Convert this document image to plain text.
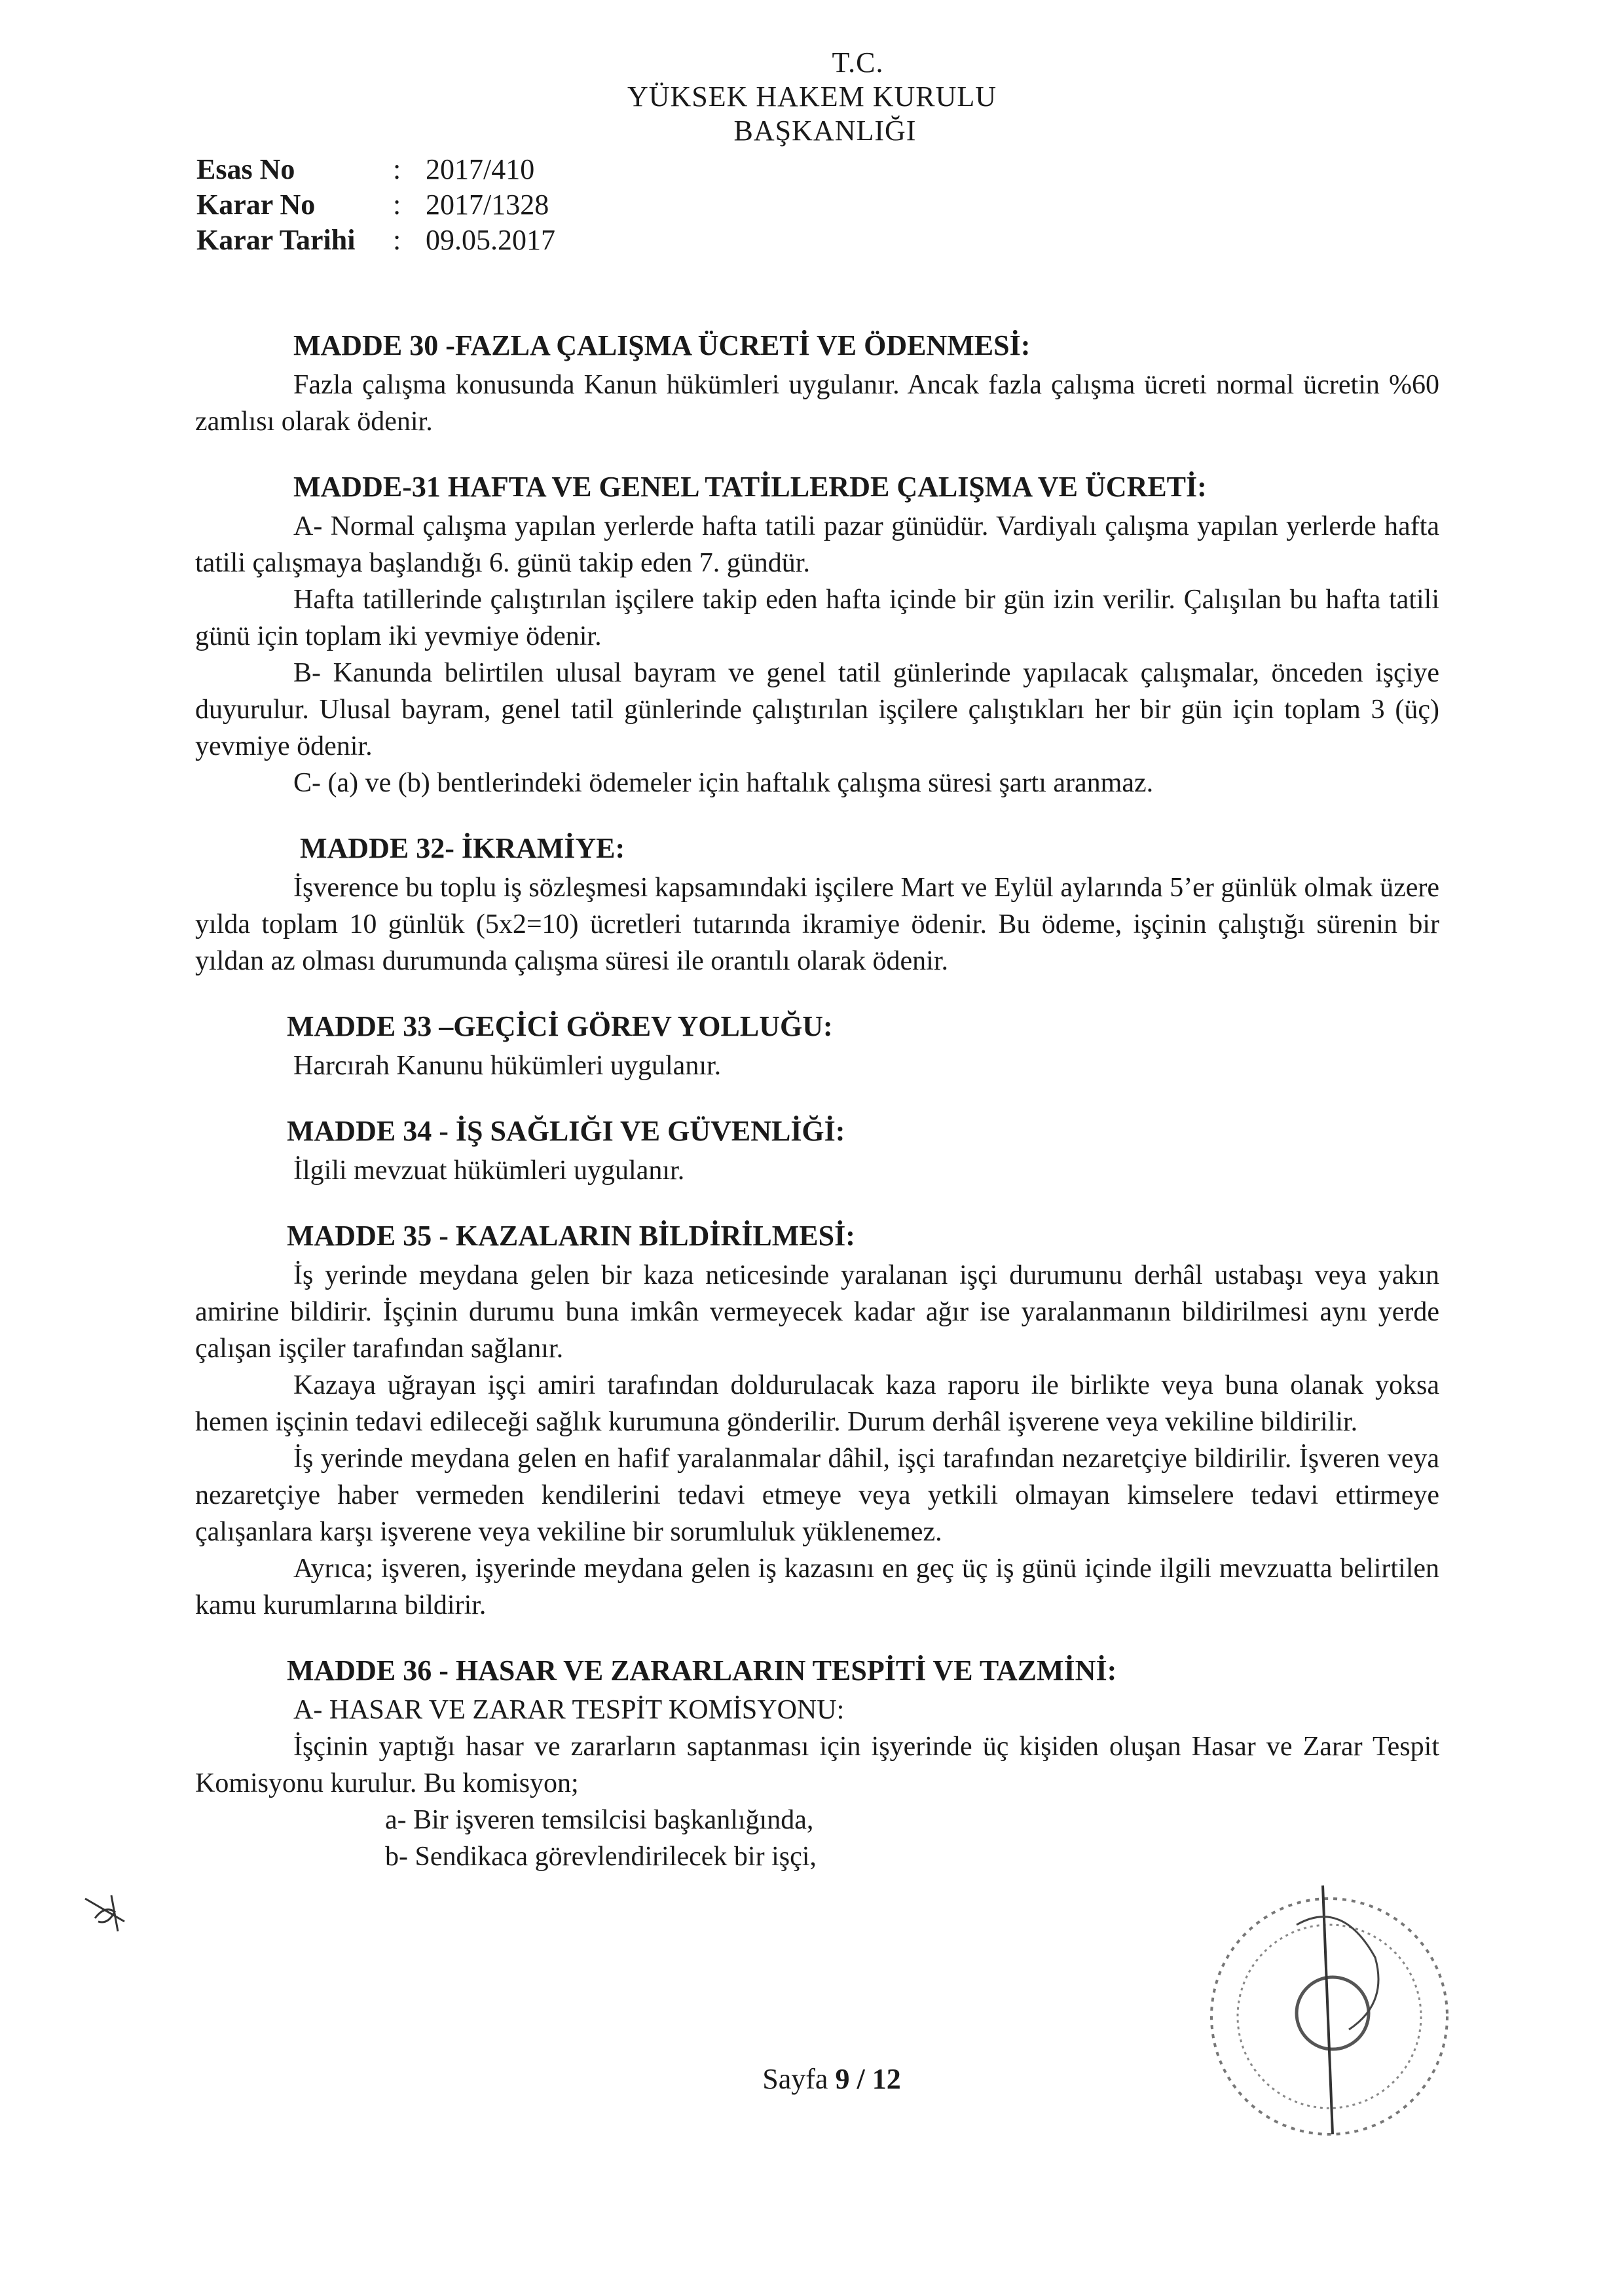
T.C.
YÜKSEK HAKEM KURULU
BAŞKANLIĞI
Esas No	: 2017/410
Karar No	: 2017/1328
Karar Tarihi	: 09.05.2017
MADDE 30 -FAZLA ÇALIŞMA ÜCRETİ VE ÖDENMESİ:

Fazla çalışma konusunda Kanun hükümleri uygulanır. Ancak fazla çalışma ücreti normal ücretin %60 zamlısı olarak ödenir.

MADDE-31 HAFTA VE GENEL TATİLLERDE ÇALIŞMA VE ÜCRETİ:

A- Normal çalışma yapılan yerlerde hafta tatili pazar günüdür. Vardiyalı çalışma yapılan yerlerde hafta tatili çalışmaya başlandığı 6. günü takip eden 7. gündür.

Hafta tatillerinde çalıştırılan işçilere takip eden hafta içinde bir gün izin verilir. Çalışılan bu hafta tatili günü için toplam iki yevmiye ödenir.

B- Kanunda belirtilen ulusal bayram ve genel tatil günlerinde yapılacak çalışmalar, önceden işçiye duyurulur. Ulusal bayram, genel tatil günlerinde çalıştırılan işçilere çalıştıkları her bir gün için toplam 3 (üç) yevmiye ödenir.

C- (a) ve (b) bentlerindeki ödemeler için haftalık çalışma süresi şartı aranmaz.

MADDE 32- İKRAMİYE:

İşverence bu toplu iş sözleşmesi kapsamındaki işçilere Mart ve Eylül aylarında 5’er günlük olmak üzere yılda toplam 10 günlük (5x2=10) ücretleri tutarında ikramiye ödenir. Bu ödeme, işçinin çalıştığı sürenin bir yıldan az olması durumunda çalışma süresi ile orantılı olarak ödenir.

MADDE 33 –GEÇİCİ GÖREV YOLLUĞU:

Harcırah Kanunu hükümleri uygulanır.

MADDE 34 - İŞ SAĞLIĞI VE GÜVENLİĞİ:

İlgili mevzuat hükümleri uygulanır.

MADDE 35 - KAZALARIN BİLDİRİLMESİ:

İş yerinde meydana gelen bir kaza neticesinde yaralanan işçi durumunu derhâl ustabaşı veya yakın amirine bildirir. İşçinin durumu buna imkân vermeyecek kadar ağır ise yaralanmanın bildirilmesi aynı yerde çalışan işçiler tarafından sağlanır.

Kazaya uğrayan işçi amiri tarafından doldurulacak kaza raporu ile birlikte veya buna olanak yoksa hemen işçinin tedavi edileceği sağlık kurumuna gönderilir. Durum derhâl işverene veya vekiline bildirilir.

İş yerinde meydana gelen en hafif yaralanmalar dâhil, işçi tarafından nezaretçiye bildirilir. İşveren veya nezaretçiye haber vermeden kendilerini tedavi etmeye veya yetkili olmayan kimselere tedavi ettirmeye çalışanlara karşı işverene veya vekiline bir sorumluluk yüklenemez.

Ayrıca; işveren, işyerinde meydana gelen iş kazasını en geç üç iş günü içinde ilgili mevzuatta belirtilen kamu kurumlarına bildirir.

MADDE 36 - HASAR VE ZARARLARIN TESPİTİ VE TAZMİNİ:

A- HASAR VE ZARAR TESPİT KOMİSYONU:

İşçinin yaptığı hasar ve zararların saptanması için işyerinde üç kişiden oluşan Hasar ve Zarar Tespit Komisyonu kurulur. Bu komisyon;

a- Bir işveren temsilcisi başkanlığında,
b- Sendikaca görevlendirilecek bir işçi,
Sayfa 9 / 12
